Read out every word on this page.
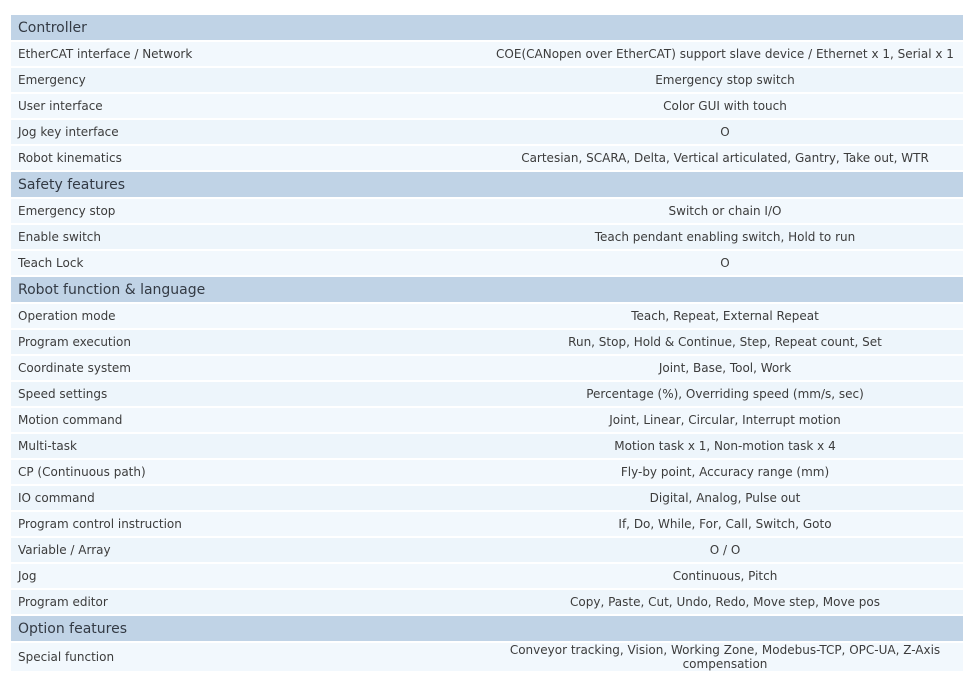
Controller	
EtherCAT interface / Network	COE(CANopen over EtherCAT) support slave device / Ethernet x 1, Serial x 1
Emergency	Emergency stop switch
User interface	Color GUI with touch
Jog key interface	O
Robot kinematics	Cartesian, SCARA, Delta, Vertical articulated, Gantry, Take out, WTR
Safety features	
Emergency stop	Switch or chain I/O
Enable switch	Teach pendant enabling switch, Hold to run
Teach Lock	O
Robot function & language	
Operation mode	Teach, Repeat, External Repeat
Program execution	Run, Stop, Hold & Continue, Step, Repeat count, Set
Coordinate system	Joint, Base, Tool, Work
Speed settings	Percentage (%), Overriding speed (mm/s, sec)
Motion command	Joint, Linear, Circular, Interrupt motion
Multi-task	Motion task x 1, Non-motion task x 4
CP (Continuous path)	Fly-by point, Accuracy range (mm)
IO command	Digital, Analog, Pulse out
Program control instruction	If, Do, While, For, Call, Switch, Goto
Variable / Array	O / O
Jog	Continuous, Pitch
Program editor	Copy, Paste, Cut, Undo, Redo, Move step, Move pos
Option features	
Special function	Conveyor tracking, Vision, Working Zone, Modebus-TCP, OPC-UA, Z-Axis compensation
